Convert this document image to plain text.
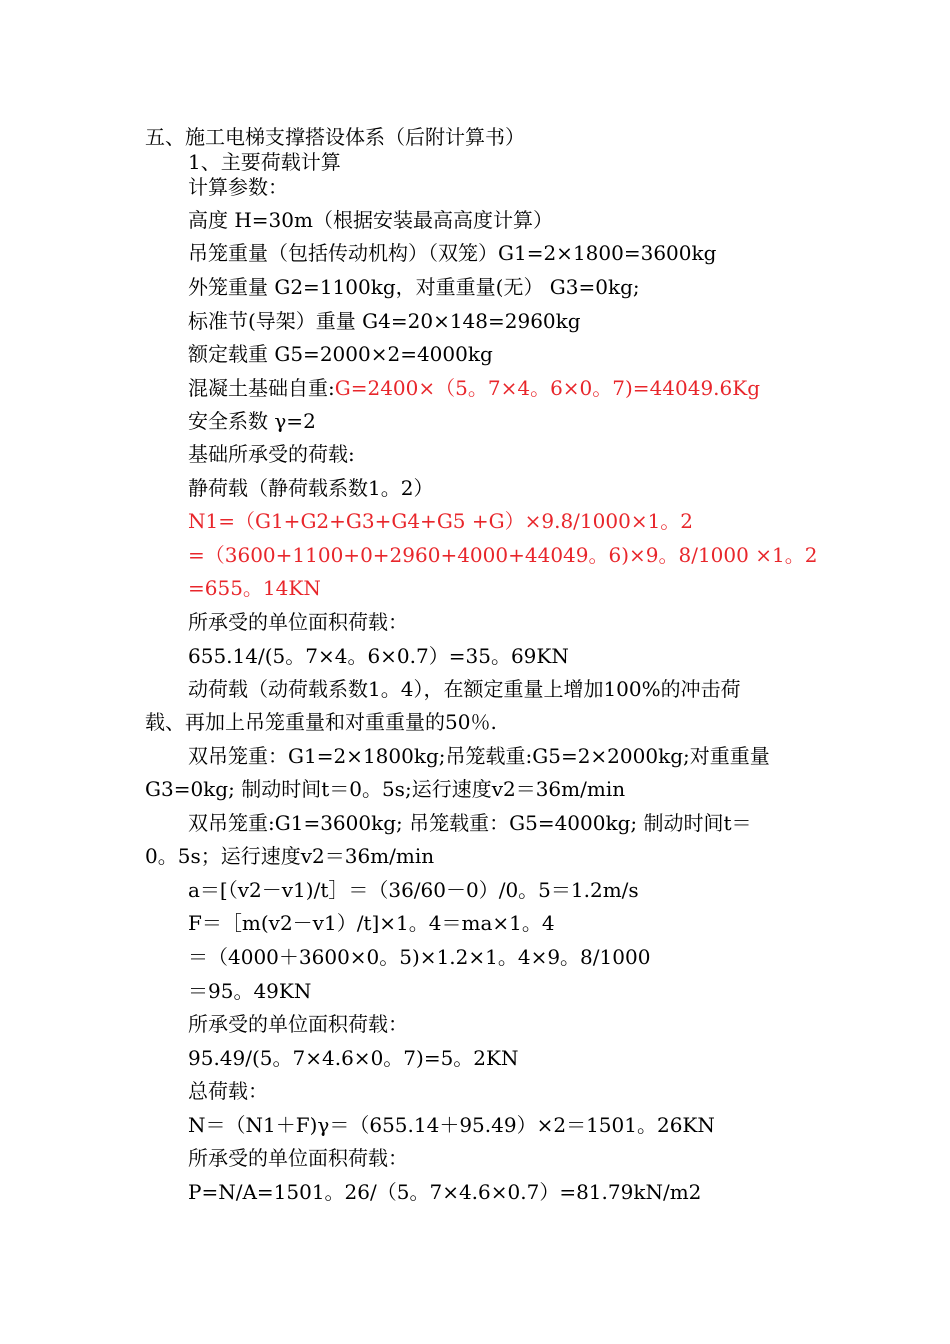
五、施工电梯支撑搭设体系（后附计算书）
1、主要荷载计算
计算参数：
高度 H=30m（根据安装最高高度计算）
吊笼重量（包括传动机构）（双笼）G1=2×1800=3600kg
外笼重量 G2=1100kg，对重重量(无） G3=0kg;
标准节(导架）重量 G4=20×148=2960kg
额定载重 G5=2000×2=4000kg
混凝土基础自重:G=2400×（5。7×4。6×0。7)=44049.6Kg
安全系数 γ=2
基础所承受的荷载:
静荷载（静荷载系数1。2）
N1=（G1+G2+G3+G4+G5 +G）×9.8/1000×1。2
=（3600+1100+0+2960+4000+44049。6)×9。8/1000 ×1。2
=655。14KN
所承受的单位面积荷载：
655.14/(5。7×4。6×0.7）=35。69KN
动荷载（动荷载系数1。4），在额定重量上增加100%的冲击荷
载、再加上吊笼重量和对重重量的50％.
双吊笼重：G1=2×1800kg;吊笼载重:G5=2×2000kg;对重重量
G3=0kg; 制动时间t＝0。5s;运行速度v2＝36m/min
双吊笼重:G1=3600kg; 吊笼载重：G5=4000kg; 制动时间t＝
0。5s；运行速度v2＝36m/min
a＝[（v2－v1)/t］＝（36/60－0）/0。5＝1.2m/s
F＝［m(v2－v1）/t]×1。4＝ma×1。4
＝（4000＋3600×0。5)×1.2×1。4×9。8/1000
＝95。49KN
所承受的单位面积荷载：
95.49/(5。7×4.6×0。7)=5。2KN
总荷载：
N＝（N1＋F)γ＝（655.14＋95.49）×2＝1501。26KN
所承受的单位面积荷载：
P=N/A=1501。26/（5。7×4.6×0.7）=81.79kN/m2
